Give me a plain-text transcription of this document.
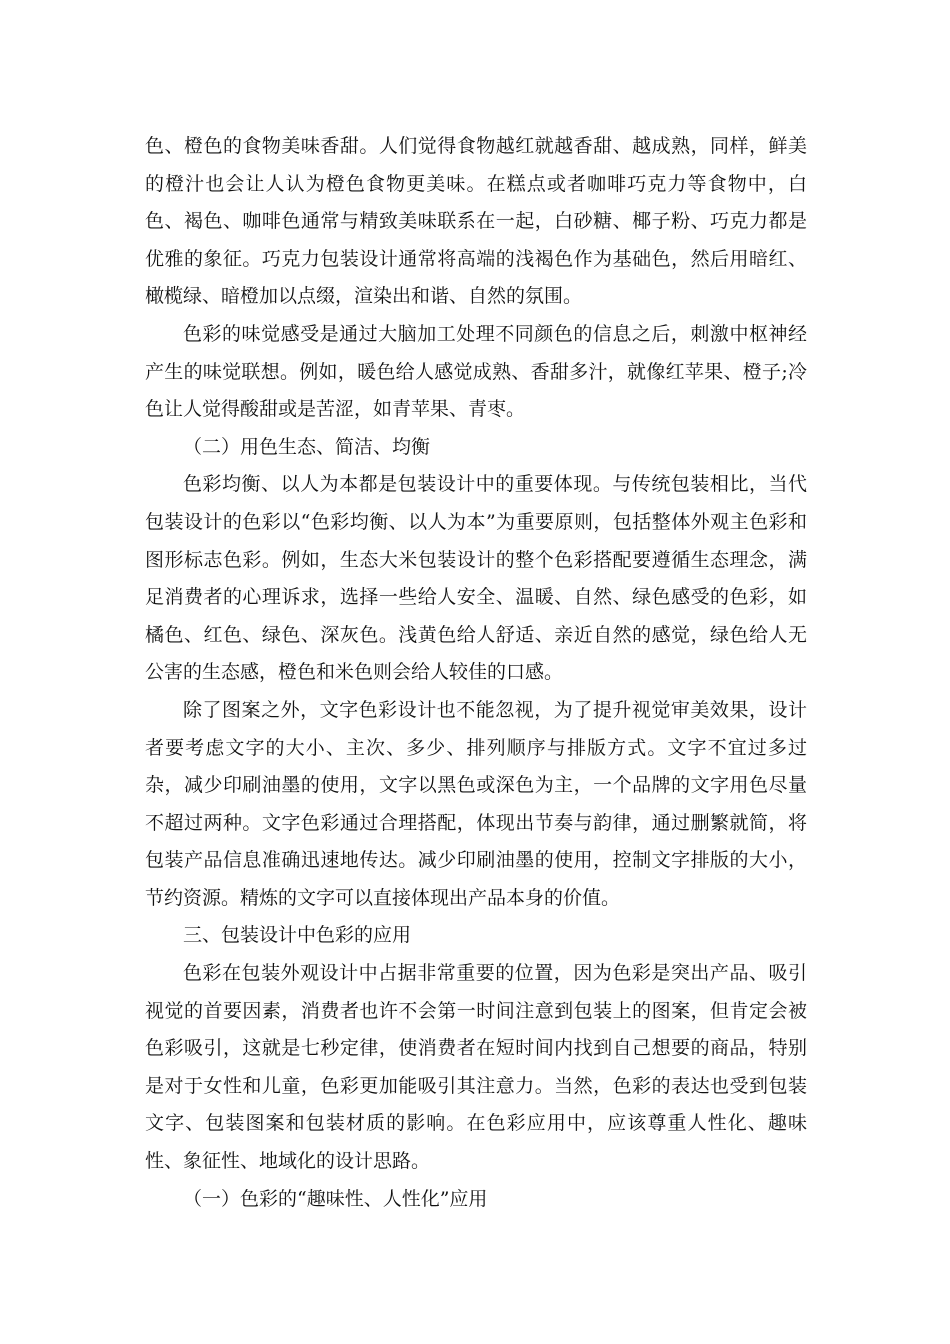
色、橙色的食物美味香甜。人们觉得食物越红就越香甜、越成熟，同样，鲜美的橙汁也会让人认为橙色食物更美味。在糕点或者咖啡巧克力等食物中，白色、褐色、咖啡色通常与精致美味联系在一起，白砂糖、椰子粉、巧克力都是优雅的象征。巧克力包装设计通常将高端的浅褐色作为基础色，然后用暗红、橄榄绿、暗橙加以点缀，渲染出和谐、自然的氛围。

色彩的味觉感受是通过大脑加工处理不同颜色的信息之后，刺激中枢神经产生的味觉联想。例如，暖色给人感觉成熟、香甜多汁，就像红苹果、橙子;冷色让人觉得酸甜或是苦涩，如青苹果、青枣。

（二）用色生态、简洁、均衡

色彩均衡、以人为本都是包装设计中的重要体现。与传统包装相比，当代包装设计的色彩以“色彩均衡、以人为本”为重要原则，包括整体外观主色彩和图形标志色彩。例如，生态大米包装设计的整个色彩搭配要遵循生态理念，满足消费者的心理诉求，选择一些给人安全、温暖、自然、绿色感受的色彩，如橘色、红色、绿色、深灰色。浅黄色给人舒适、亲近自然的感觉，绿色给人无公害的生态感，橙色和米色则会给人较佳的口感。

除了图案之外，文字色彩设计也不能忽视，为了提升视觉审美效果，设计者要考虑文字的大小、主次、多少、排列顺序与排版方式。文字不宜过多过杂，减少印刷油墨的使用，文字以黑色或深色为主，一个品牌的文字用色尽量不超过两种。文字色彩通过合理搭配，体现出节奏与韵律，通过删繁就简，将包装产品信息准确迅速地传达。减少印刷油墨的使用，控制文字排版的大小，节约资源。精炼的文字可以直接体现出产品本身的价值。

三、包装设计中色彩的应用

色彩在包装外观设计中占据非常重要的位置，因为色彩是突出产品、吸引视觉的首要因素，消费者也许不会第一时间注意到包装上的图案，但肯定会被色彩吸引，这就是七秒定律，使消费者在短时间内找到自己想要的商品，特别是对于女性和儿童，色彩更加能吸引其注意力。当然，色彩的表达也受到包装文字、包装图案和包装材质的影响。在色彩应用中，应该尊重人性化、趣味性、象征性、地域化的设计思路。

（一）色彩的“趣味性、人性化”应用
